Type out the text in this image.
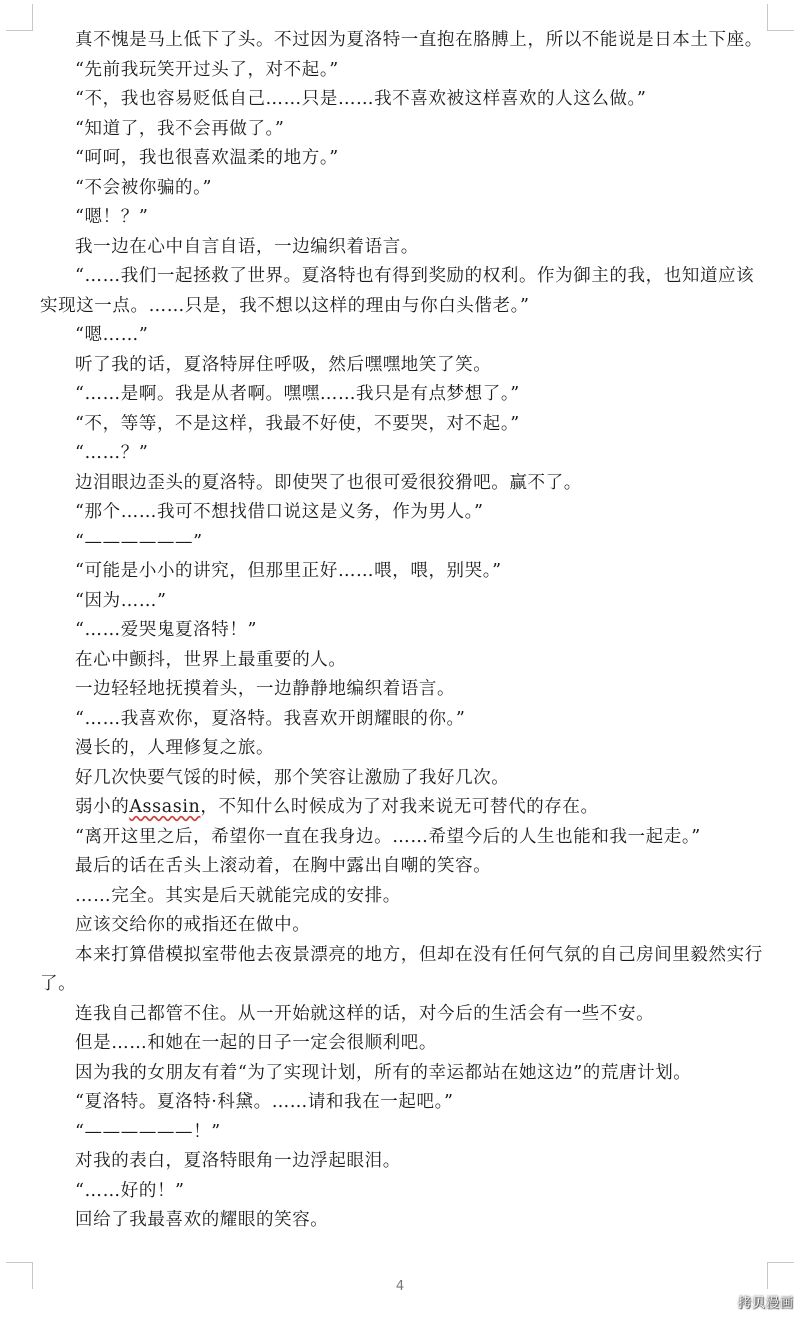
真不愧是马上低下了头。不过因为夏洛特一直抱在胳膊上，所以不能说是日本土下座。

“先前我玩笑开过头了，对不起。”

“不，我也容易贬低自己……只是……我不喜欢被这样喜欢的人这么做。”

“知道了，我不会再做了。”

“呵呵，我也很喜欢温柔的地方。”

“不会被你骗的。”

“嗯！？”

我一边在心中自言自语，一边编织着语言。

“……我们一起拯救了世界。夏洛特也有得到奖励的权利。作为御主的我，也知道应该实现这一点。……只是，我不想以这样的理由与你白头偕老。”

“嗯……”

听了我的话，夏洛特屏住呼吸，然后嘿嘿地笑了笑。

“……是啊。我是从者啊。嘿嘿……我只是有点梦想了。”

“不，等等，不是这样，我最不好使，不要哭，对不起。”

“……？”

边泪眼边歪头的夏洛特。即使哭了也很可爱很狡猾吧。赢不了。

“那个……我可不想找借口说这是义务，作为男人。”

“——————”

“可能是小小的讲究，但那里正好……喂，喂，别哭。”

“因为……”

“……爱哭鬼夏洛特！”

在心中颤抖，世界上最重要的人。

一边轻轻地抚摸着头，一边静静地编织着语言。

“……我喜欢你，夏洛特。我喜欢开朗耀眼的你。”

漫长的，人理修复之旅。

好几次快要气馁的时候，那个笑容让激励了我好几次。

弱小的Assasin，不知什么时候成为了对我来说无可替代的存在。

“离开这里之后，希望你一直在我身边。……希望今后的人生也能和我一起走。”

最后的话在舌头上滚动着，在胸中露出自嘲的笑容。

……完全。其实是后天就能完成的安排。

应该交给你的戒指还在做中。

本来打算借模拟室带他去夜景漂亮的地方，但却在没有任何气氛的自己房间里毅然实行了。

连我自己都管不住。从一开始就这样的话，对今后的生活会有一些不安。

但是……和她在一起的日子一定会很顺利吧。

因为我的女朋友有着“为了实现计划，所有的幸运都站在她这边”的荒唐计划。

“夏洛特。夏洛特·科黛。……请和我在一起吧。”

“——————！”

对我的表白，夏洛特眼角一边浮起眼泪。

“……好的！”

回给了我最喜欢的耀眼的笑容。

4
拷贝漫画
